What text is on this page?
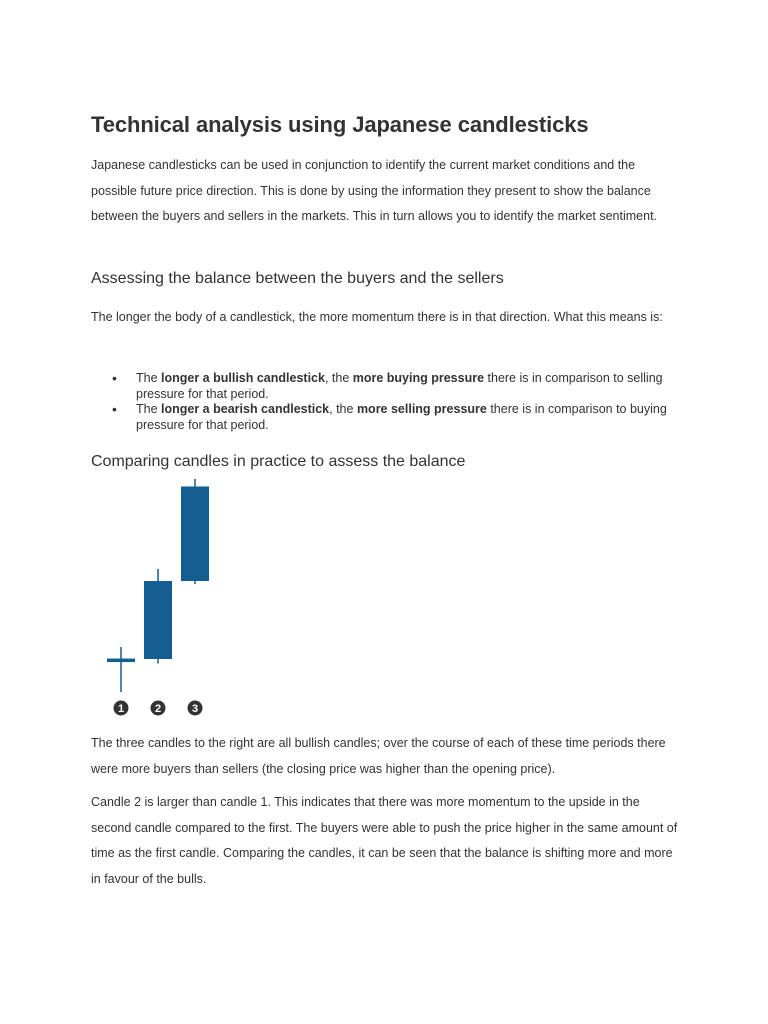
Technical analysis using Japanese candlesticks

Japanese candlesticks can be used in conjunction to identify the current market conditions and the possible future price direction. This is done by using the information they present to show the balance between the buyers and sellers in the markets. This in turn allows you to identify the market sentiment.

Assessing the balance between the buyers and the sellers

The longer the body of a candlestick, the more momentum there is in that direction. What this means is:

• The longer a bullish candlestick, the more buying pressure there is in comparison to selling pressure for that period.
• The longer a bearish candlestick, the more selling pressure there is in comparison to buying pressure for that period.
Comparing candles in practice to assess the balance
1	2	3

The three candles to the right are all bullish candles; over the course of each of these time periods there were more buyers than sellers (the closing price was higher than the opening price).

Candle 2 is larger than candle 1. This indicates that there was more momentum to the upside in the second candle compared to the first. The buyers were able to push the price higher in the same amount of time as the first candle. Comparing the candles, it can be seen that the balance is shifting more and more in favour of the bulls.
